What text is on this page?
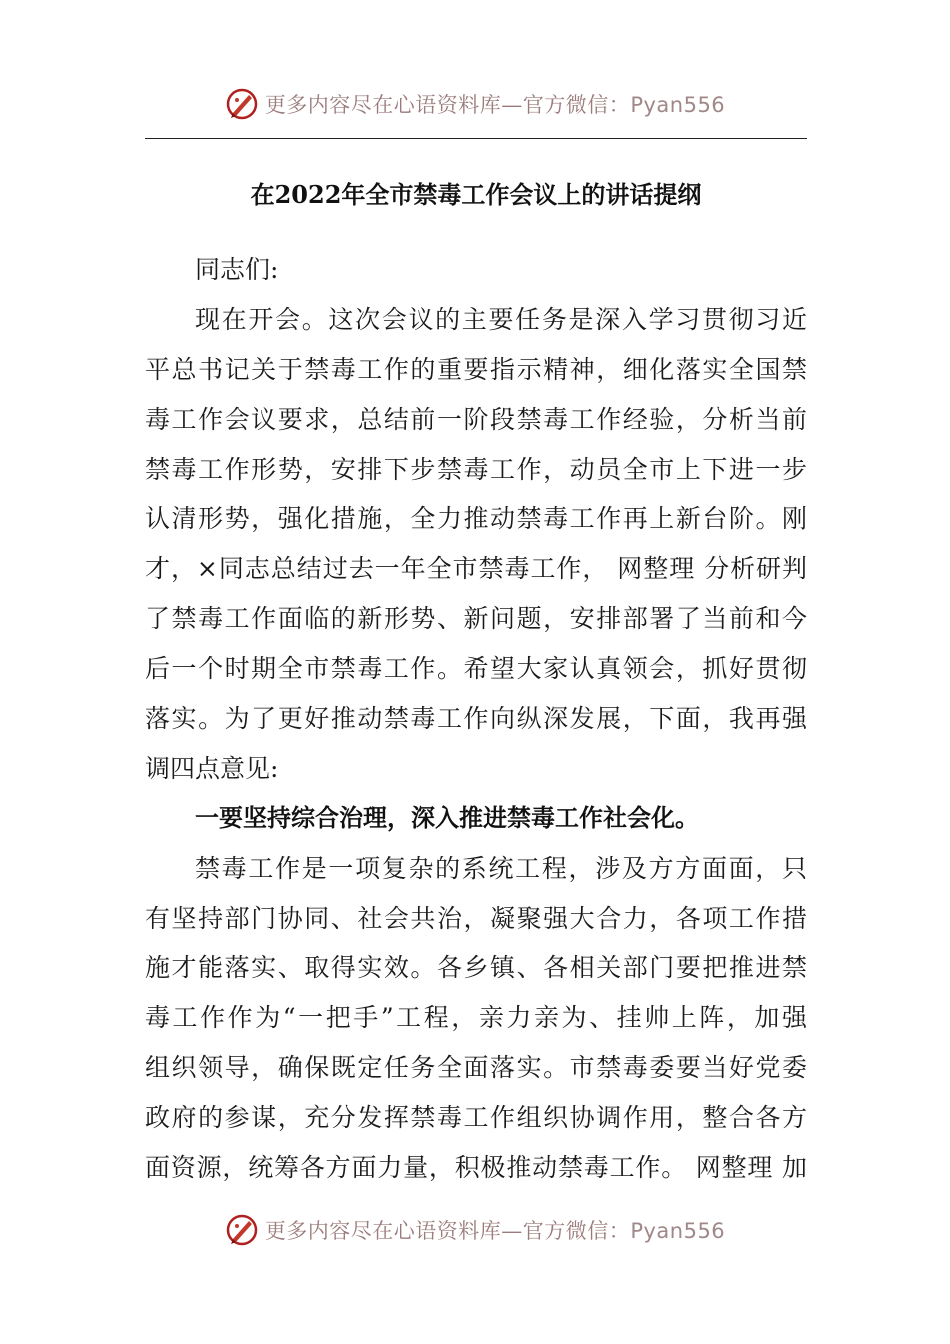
更多内容尽在心语资料库—官方微信：Pyan556
在2022年全市禁毒工作会议上的讲话提纲
同志们:
现在开会。这次会议的主要任务是深入学习贯彻习近
平总书记关于禁毒工作的重要指示精神，细化落实全国禁
毒工作会议要求，总结前一阶段禁毒工作经验，分析当前
禁毒工作形势，安排下步禁毒工作，动员全市上下进一步
认清形势，强化措施，全力推动禁毒工作再上新台阶。刚
才，×同志总结过去一年全市禁毒工作， 网整理 分析研判
了禁毒工作面临的新形势、新问题，安排部署了当前和今
后一个时期全市禁毒工作。希望大家认真领会，抓好贯彻
落实。为了更好推动禁毒工作向纵深发展，下面，我再强
调四点意见:
一要坚持综合治理，深入推进禁毒工作社会化。
禁毒工作是一项复杂的系统工程，涉及方方面面，只
有坚持部门协同、社会共治，凝聚强大合力，各项工作措
施才能落实、取得实效。各乡镇、各相关部门要把推进禁
毒工作作为“一把手”工程，亲力亲为、挂帅上阵，加强
组织领导，确保既定任务全面落实。市禁毒委要当好党委
政府的参谋，充分发挥禁毒工作组织协调作用，整合各方
面资源，统筹各方面力量，积极推动禁毒工作。 网整理 加
更多内容尽在心语资料库—官方微信：Pyan556
